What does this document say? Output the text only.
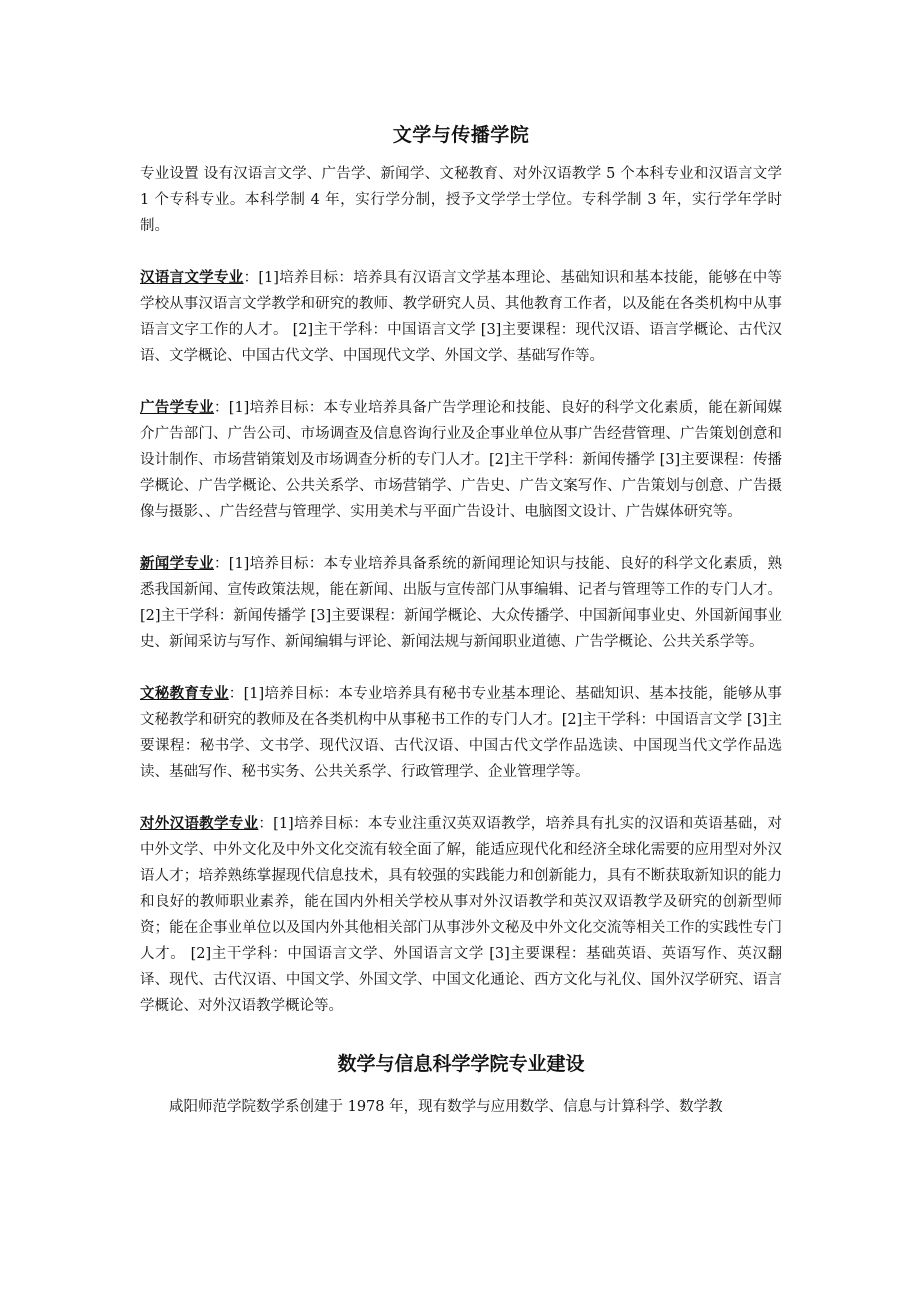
文学与传播学院

专业设置 设有汉语言文学、广告学、新闻学、文秘教育、对外汉语教学 5 个本科专业和汉语言文学 1 个专科专业。本科学制 4 年，实行学分制，授予文学学士学位。专科学制 3 年，实行学年学时制。

汉语言文学专业：[1]培养目标：培养具有汉语言文学基本理论、基础知识和基本技能，能够在中等学校从事汉语言文学教学和研究的教师、教学研究人员、其他教育工作者，以及能在各类机构中从事语言文字工作的人才。 [2]主干学科：中国语言文学 [3]主要课程：现代汉语、语言学概论、古代汉语、文学概论、中国古代文学、中国现代文学、外国文学、基础写作等。

广告学专业：[1]培养目标：本专业培养具备广告学理论和技能、良好的科学文化素质，能在新闻媒介广告部门、广告公司、市场调查及信息咨询行业及企事业单位从事广告经营管理、广告策划创意和设计制作、市场营销策划及市场调查分析的专门人才。[2]主干学科：新闻传播学 [3]主要课程：传播学概论、广告学概论、公共关系学、市场营销学、广告史、广告文案写作、广告策划与创意、广告摄像与摄影、、广告经营与管理学、实用美术与平面广告设计、电脑图文设计、广告媒体研究等。

新闻学专业：[1]培养目标：本专业培养具备系统的新闻理论知识与技能、良好的科学文化素质，熟悉我国新闻、宣传政策法规，能在新闻、出版与宣传部门从事编辑、记者与管理等工作的专门人才。[2]主干学科：新闻传播学 [3]主要课程：新闻学概论、大众传播学、中国新闻事业史、外国新闻事业史、新闻采访与写作、新闻编辑与评论、新闻法规与新闻职业道德、广告学概论、公共关系学等。

文秘教育专业：[1]培养目标：本专业培养具有秘书专业基本理论、基础知识、基本技能，能够从事文秘教学和研究的教师及在各类机构中从事秘书工作的专门人才。[2]主干学科：中国语言文学 [3]主要课程：秘书学、文书学、现代汉语、古代汉语、中国古代文学作品选读、中国现当代文学作品选读、基础写作、秘书实务、公共关系学、行政管理学、企业管理学等。

对外汉语教学专业：[1]培养目标：本专业注重汉英双语教学，培养具有扎实的汉语和英语基础，对中外文学、中外文化及中外文化交流有较全面了解，能适应现代化和经济全球化需要的应用型对外汉语人才；培养熟练掌握现代信息技术，具有较强的实践能力和创新能力，具有不断获取新知识的能力和良好的教师职业素养，能在国内外相关学校从事对外汉语教学和英汉双语教学及研究的创新型师资；能在企事业单位以及国内外其他相关部门从事涉外文秘及中外文化交流等相关工作的实践性专门人才。 [2]主干学科：中国语言文学、外国语言文学 [3]主要课程：基础英语、英语写作、英汉翻译、现代、古代汉语、中国文学、外国文学、中国文化通论、西方文化与礼仪、国外汉学研究、语言学概论、对外汉语教学概论等。

数学与信息科学学院专业建设

咸阳师范学院数学系创建于 1978 年，现有数学与应用数学、信息与计算科学、数学教
